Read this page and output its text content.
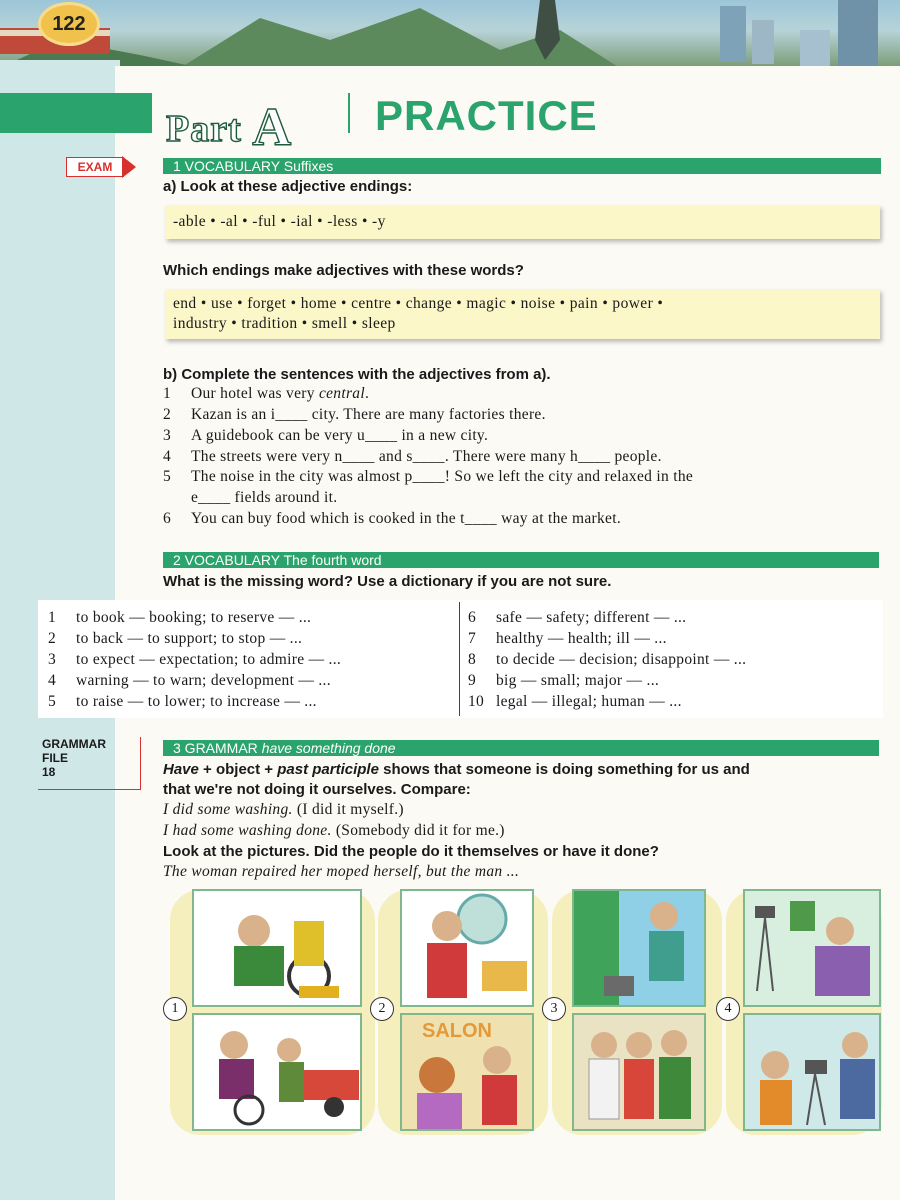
122
Part A PRACTICE
EXAM	1 VOCABULARY Suffixes
a) Look at these adjective endings:
-able • -al • -ful • -ial • -less • -y
Which endings make adjectives with these words?
end • use • forget • home • centre • change • magic • noise • pain • power •
industry • tradition • smell • sleep
b) Complete the sentences with the adjectives from a).
1 Our hotel was very central.
2 Kazan is an i____ city. There are many factories there.
3 A guidebook can be very u____ in a new city.
4 The streets were very n____ and s____. There were many h____ people.
5 The noise in the city was almost p____! So we left the city and relaxed in the
e____ fields around it.
6 You can buy food which is cooked in the t____ way at the market.
2 VOCABULARY The fourth word
What is the missing word? Use a dictionary if you are not sure.
1 to book — booking; to reserve — ...
2 to back — to support; to stop — ...
3 to expect — expectation; to admire — ...
4 warning — to warn; development — ...
5 to raise — to lower; to increase — ...
6 safe — safety; different — ...
7 healthy — health; ill — ...
8 to decide — decision; disappoint — ...
9 big — small; major — ...
10 legal — illegal; human — ...
GRAMMAR
FILE
18
3 GRAMMAR have something done
Have + object + past participle shows that someone is doing something for us and
that we're not doing it ourselves. Compare:
I did some washing. (I did it myself.)
I had some washing done. (Somebody did it for me.)
Look at the pictures. Did the people do it themselves or have it done?
The woman repaired her moped herself, but the man ...
SALON
1	2	3	4
